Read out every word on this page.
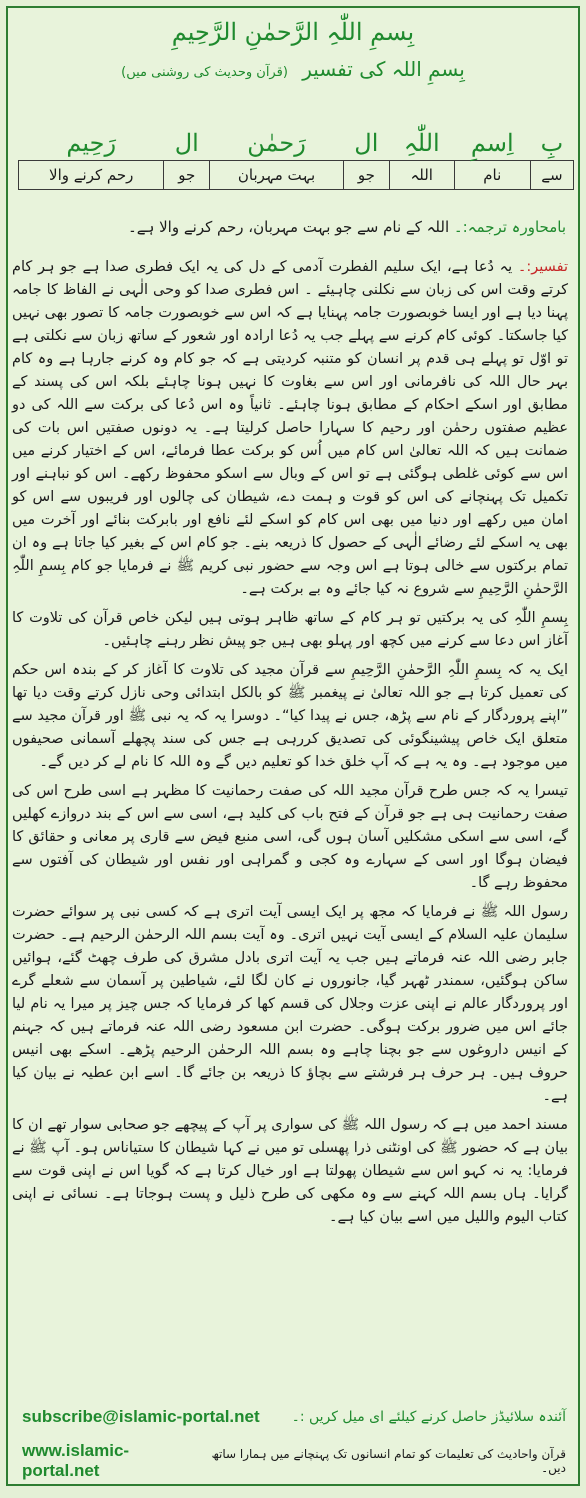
بِسمِ اللّٰہِ الرَّحمٰنِ الرَّحِیمِ
بِسمِ اللہ کی تفسیر (قرآن وحدیث کی روشنی میں)
بِ	اِسمِ	اللّٰہِ	ال	رَحمٰن	ال	رَحِیم
سے	نام	اللہ	جو	بہت مہربان	جو	رحم کرنے والا
بامحاورہ ترجمہ:۔ اللہ کے نام سے جو بہت مہربان، رحم کرنے والا ہے۔

تفسیر:۔ یہ دُعا ہے، ایک سلیم الفطرت آدمی کے دل کی یہ ایک فطری صدا ہے جو ہر کام کرتے وقت اس کی زبان سے نکلنی چاہیئے ۔ اس فطری صدا کو وحی الٰہی نے الفاظ کا جامہ پہنا دیا ہے اور ایسا خوبصورت جامہ پہنایا ہے کہ اس سے خوبصورت جامہ کا تصور بھی نہیں کیا جاسکتا۔ کوئی کام کرنے سے پہلے جب یہ دُعا ارادہ اور شعور کے ساتھ زبان سے نکلتی ہے تو اوّل تو پہلے ہی قدم پر انسان کو متنبہ کردیتی ہے کہ جو کام وہ کرنے جارہا ہے وہ کام بہر حال اللہ کی نافرمانی اور اس سے بغاوت کا نہیں ہونا چاہئے بلکہ اس کی پسند کے مطابق اور اسکے احکام کے مطابق ہونا چاہئے۔ ثانیاً وہ اس دُعا کی برکت سے اللہ کی دو عظیم صفتوں رحمٰن اور رحیم کا سہارا حاصل کرلیتا ہے۔ یہ دونوں صفتیں اس بات کی ضمانت ہیں کہ اللہ تعالیٰ اس کام میں اُس کو برکت عطا فرمائے، اس کے اختیار کرنے میں اس سے کوئی غلطی ہوگئی ہے تو اس کے وبال سے اسکو محفوظ رکھے۔ اس کو نباہنے اور تکمیل تک پہنچانے کی اس کو قوت و ہمت دے، شیطان کی چالوں اور فریبوں سے اس کو امان میں رکھے اور دنیا میں بھی اس کام کو اسکے لئے نافع اور بابرکت بنائے اور آخرت میں بھی یہ اسکے لئے رضائے الٰہی کے حصول کا ذریعہ بنے۔ جو کام اس کے بغیر کیا جاتا ہے وہ ان تمام برکتوں سے خالی ہوتا ہے اس وجہ سے حضور نبی کریم ﷺ نے فرمایا جو کام بِسمِ اللّٰہِ الرَّحمٰنِ الرَّحِیمِ سے شروع نہ کیا جائے وہ بے برکت ہے۔

بِسمِ اللّٰہِ کی یہ برکتیں تو ہر کام کے ساتھ ظاہر ہوتی ہیں لیکن خاص قرآن کی تلاوت کا آغاز اس دعا سے کرنے میں کچھ اور پہلو بھی ہیں جو پیش نظر رہنے چاہئیں۔

ایک یہ کہ بِسمِ اللّٰہِ الرَّحمٰنِ الرَّحِیمِ سے قرآن مجید کی تلاوت کا آغاز کر کے بندہ اس حکم کی تعمیل کرتا ہے جو اللہ تعالیٰ نے پیغمبر ﷺ کو بالکل ابتدائی وحی نازل کرتے وقت دیا تھا ”اپنے پروردگار کے نام سے پڑھ، جس نے پیدا کیا“۔ دوسرا یہ کہ یہ نبی ﷺ اور قرآن مجید سے متعلق ایک خاص پیشینگوئی کی تصدیق کررہی ہے جس کی سند پچھلے آسمانی صحیفوں میں موجود ہے۔ وہ یہ ہے کہ آپ خلق خدا کو تعلیم دیں گے وہ اللہ کا نام لے کر دیں گے۔

تیسرا یہ کہ جس طرح قرآن مجید اللہ کی صفت رحمانیت کا مظہر ہے اسی طرح اس کی صفت رحمانیت ہی ہے جو قرآن کے فتح باب کی کلید ہے، اسی سے اس کے بند دروازے کھلیں گے، اسی سے اسکی مشکلیں آسان ہوں گی، اسی منبع فیض سے قاری پر معانی و حقائق کا فیضان ہوگا اور اسی کے سہارے وہ کجی و گمراہی اور نفس اور شیطان کی آفتوں سے محفوظ رہے گا۔

رسول اللہ ﷺ نے فرمایا کہ مجھ پر ایک ایسی آیت اتری ہے کہ کسی نبی پر سوائے حضرت سلیمان علیہ السلام کے ایسی آیت نہیں اتری۔ وہ آیت بسم اللہ الرحمٰن الرحیم ہے۔ حضرت جابر رضی اللہ عنہ فرماتے ہیں جب یہ آیت اتری بادل مشرق کی طرف چھٹ گئے، ہوائیں ساکن ہوگئیں، سمندر ٹھہر گیا، جانوروں نے کان لگا لئے، شیاطین پر آسمان سے شعلے گرے اور پروردگار عالم نے اپنی عزت وجلال کی قسم کھا کر فرمایا کہ جس چیز پر میرا یہ نام لیا جائے اس میں ضرور برکت ہوگی۔ حضرت ابن مسعود رضی اللہ عنہ فرماتے ہیں کہ جہنم کے انیس داروغوں سے جو بچنا چاہے وہ بسم اللہ الرحمٰن الرحیم پڑھے۔ اسکے بھی انیس حروف ہیں۔ ہر حرف ہر فرشتے سے بچاؤ کا ذریعہ بن جائے گا۔ اسے ابن عطیہ نے بیان کیا ہے۔

مسند احمد میں ہے کہ رسول اللہ ﷺ کی سواری پر آپ کے پیچھے جو صحابی سوار تھے ان کا بیان ہے کہ حضور ﷺ کی اونٹنی ذرا پھسلی تو میں نے کہا شیطان کا ستیاناس ہو۔ آپ ﷺ نے فرمایا: یہ نہ کہو اس سے شیطان پھولتا ہے اور خیال کرتا ہے کہ گویا اس نے اپنی قوت سے گرایا۔ ہاں بسم اللہ کہنے سے وہ مکھی کی طرح ذلیل و پست ہوجاتا ہے۔ نسائی نے اپنی کتاب الیوم واللیل میں اسے بیان کیا ہے۔

subscribe@islamic-portal.net آئندہ سلائیڈز حاصل کرنے کیلئے ای میل کریں :۔
www.islamic-portal.net
قرآن واحادیث کی تعلیمات کو تمام انسانوں تک پہنچانے میں ہمارا ساتھ دیں۔
